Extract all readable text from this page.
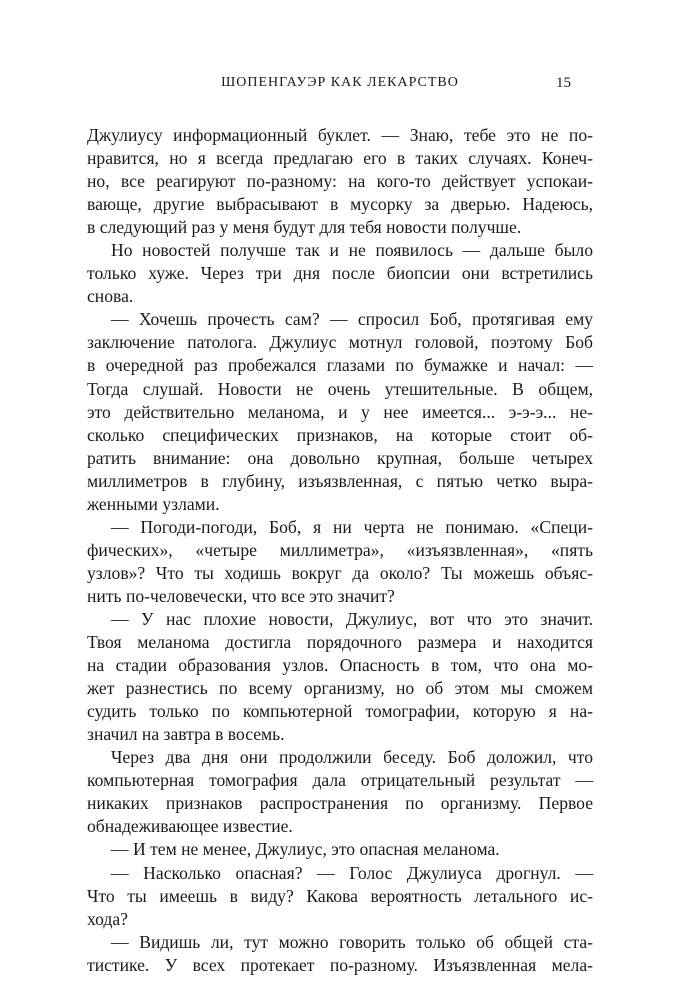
ШОПЕНГАУЭР КАК ЛЕКАРСТВО	15
Джулиусу информационный буклет. — Знаю, тебе это не по-
нравится, но я всегда предлагаю его в таких случаях. Конеч-
но, все реагируют по-разному: на кого-то действует успокаи-
вающе, другие выбрасывают в мусорку за дверью. Надеюсь,
в следующий раз у меня будут для тебя новости получше.
Но новостей получше так и не появилось — дальше было
только хуже. Через три дня после биопсии они встретились
снова.
— Хочешь прочесть сам? — спросил Боб, протягивая ему
заключение патолога. Джулиус мотнул головой, поэтому Боб
в очередной раз пробежался глазами по бумажке и начал: —
Тогда слушай. Новости не очень утешительные. В общем,
это действительно меланома, и у нее имеется... э-э-э... не-
сколько специфических признаков, на которые стоит об-
ратить внимание: она довольно крупная, больше четырех
миллиметров в глубину, изъязвленная, с пятью четко выра-
женными узлами.
— Погоди-погоди, Боб, я ни черта не понимаю. «Специ-
фических», «четыре миллиметра», «изъязвленная», «пять
узлов»? Что ты ходишь вокруг да около? Ты можешь объяс-
нить по-человечески, что все это значит?
— У нас плохие новости, Джулиус, вот что это значит.
Твоя меланома достигла порядочного размера и находится
на стадии образования узлов. Опасность в том, что она мо-
жет разнестись по всему организму, но об этом мы сможем
судить только по компьютерной томографии, которую я на-
значил на завтра в восемь.
Через два дня они продолжили беседу. Боб доложил, что
компьютерная томография дала отрицательный результат —
никаких признаков распространения по организму. Первое
обнадеживающее известие.
— И тем не менее, Джулиус, это опасная меланома.
— Насколько опасная? — Голос Джулиуса дрогнул. —
Что ты имеешь в виду? Какова вероятность летального ис-
хода?
— Видишь ли, тут можно говорить только об общей ста-
тистике. У всех протекает по-разному. Изъязвленная мела-
